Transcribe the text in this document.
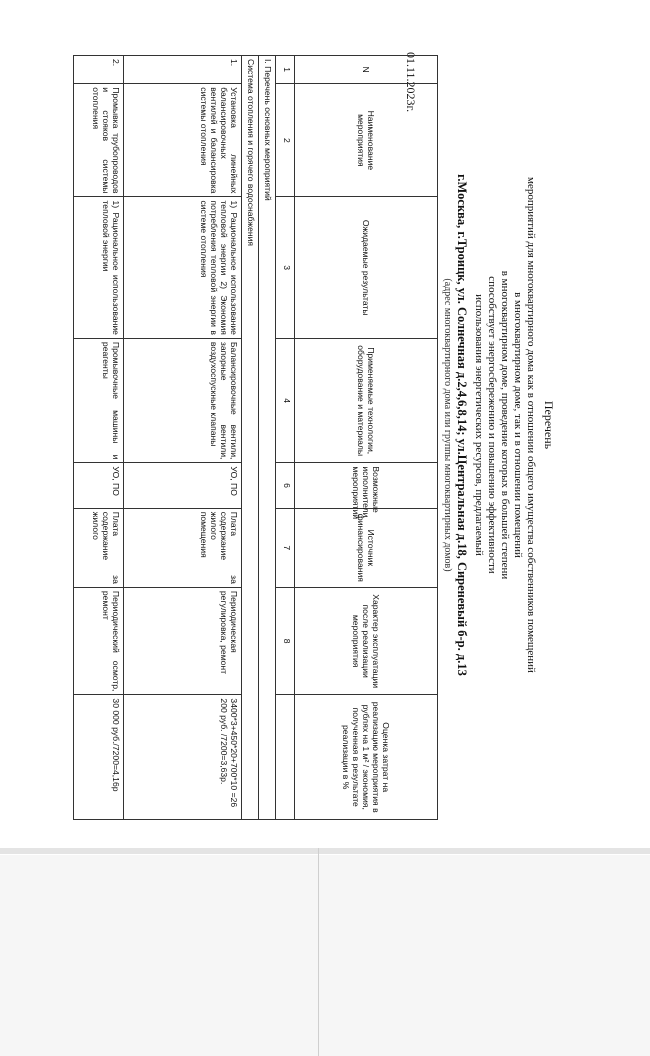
Перечень
мероприятий для многоквартирного дома как в отношении общего имущества собственников помещений
в многоквартирном доме, так и в отношении помещений
в многоквартирном доме, проведение которых в большей степени
способствует энергосбережению и повышению эффективности
использования энергетических ресурсов, предлагаемый
01.11.2023г.
г.Москва, г.Троицк, ул. Солнечная д.2,4,6,8,14; ул.Центральная д.18, Сиреневый б-р. д.13
(адрес многоквартирного дома или группы многоквартирных домов)
N	Наименование мероприятия	Ожидаемые результаты	Применяемые технологии, оборудование и материалы	Возможные исполнители мероприятий	Источник финансирования	Характер эксплуатации после реализации мероприятия	Оценка затрат на реализацию мероприятия в рублях на 1 м² / экономия, полученная в результате реализации в %
1	2	3	4	6	7	8	
I. Перечень основных мероприятий							
Система отопления и горячего водоснабжения							
1.	Установка линейных балансировочных вентилей и балансировка системы отопления	1) Рациональное использование тепловой энергии 2) Экономия потребления тепловой энергии в системе отопления	Балансировочные вентили, запорные вентили, воздухоспускные клапаны	УО, ПО	Плата за содержание жилого помещения	Периодическая регулировка, ремонт	3400*3+450*20+700*10 =26 200 руб. /7200=3,63р.
2.	Промывка трубопроводов и стояков системы отопления	1) Рациональное использование тепловой энергии	Промывочные машины и реагенты	УО, ПО	Плата за содержание жилого	Периодический осмотр, ремонт	30 000 руб./7200=4,16р
